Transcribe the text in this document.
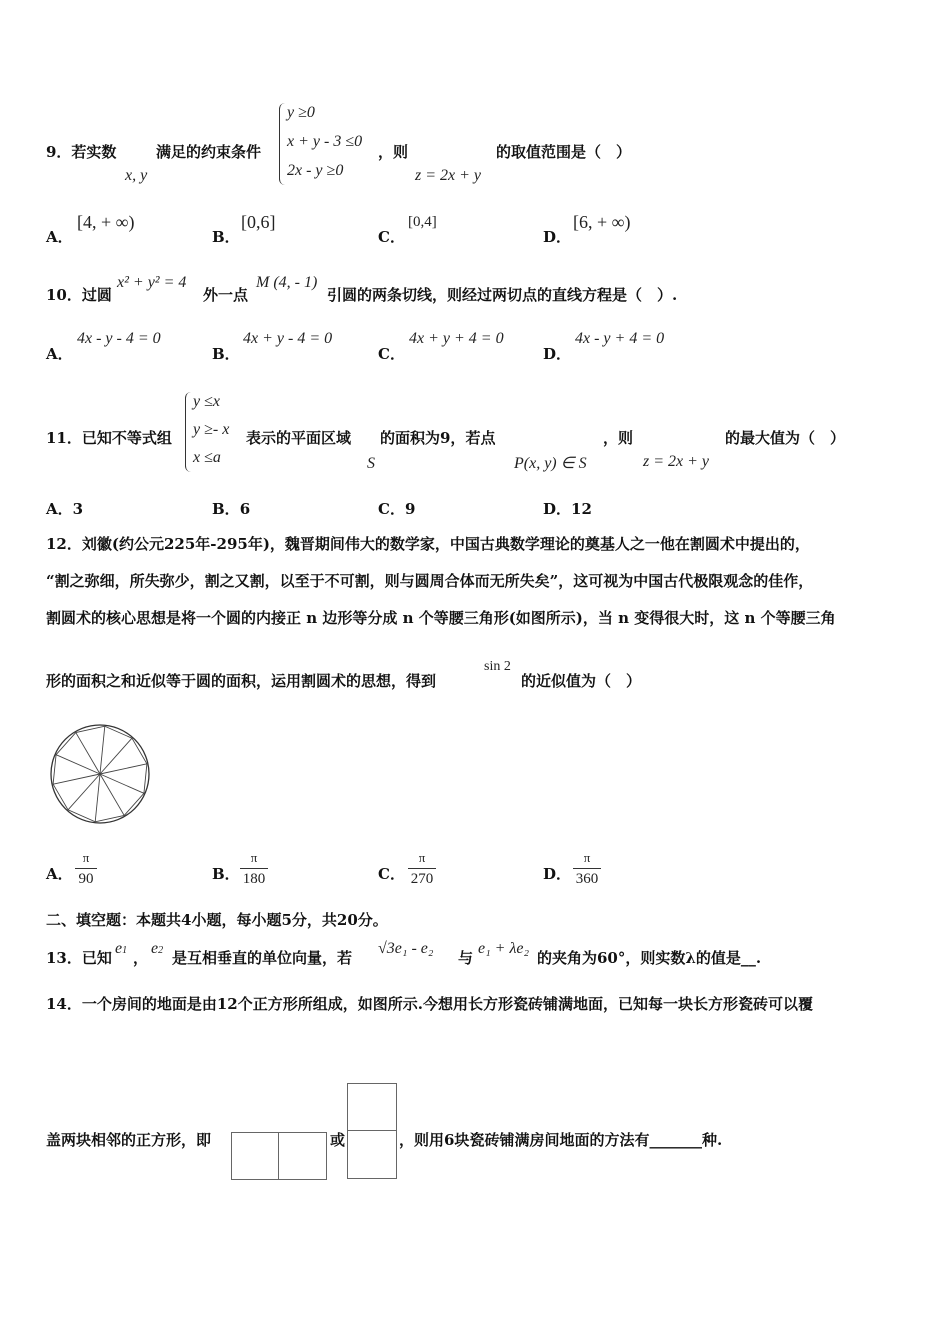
9．若实数
x, y
满足的约束条件
y ≥0
x + y - 3 ≤0
2x - y ≥0
，则
z = 2x + y
的取值范围是（　）
A．
[4, + ∞)
B．
[0,6]
C．
[0,4]
D．
[6, + ∞)
10．过圆
x² + y² = 4
外一点
M (4, - 1)
引圆的两条切线，则经过两切点的直线方程是（　）.
A．
4x - y - 4 = 0
B．
4x + y - 4 = 0
C．
4x + y + 4 = 0
D．
4x - y + 4 = 0
11．已知不等式组
y ≤x
y ≥- x
x ≤a
表示的平面区域 的面积为9，若点
S	P(x, y) ∈ S
，则
z = 2x + y
的最大值为（　）
A．3	B．6	C．9	D．12
12．刘徽(约公元225年-295年)，魏晋期间伟大的数学家，中国古典数学理论的奠基人之一他在割圆术中提出的，
“割之弥细，所失弥少，割之又割，以至于不可割，则与圆周合体而无所失矣”，这可视为中国古代极限观念的佳作，
割圆术的核心思想是将一个圆的内接正 n 边形等分成 n 个等腰三角形(如图所示)，当 n 变得很大时，这 n 个等腰三角
形的面积之和近似等于圆的面积，运用割圆术的思想，得到
sin 2
的近似值为（　）
A．
π
90	B．
π
180	C．
π
270	D．
π
360
二、填空题：本题共4小题，每小题5分，共20分。
13．已知
e1 ，
e2 是互相垂直的单位向量，若
√3e₁ - e₂
与
e₁ + λe₂
的夹角为60°，则实数λ的值是__.
14．一个房间的地面是由12个正方形所组成，如图所示.今想用长方形瓷砖铺满地面，已知每一块长方形瓷砖可以覆
盖两块相邻的正方形，即	或	，则用6块瓷砖铺满房间地面的方法有_______种.
